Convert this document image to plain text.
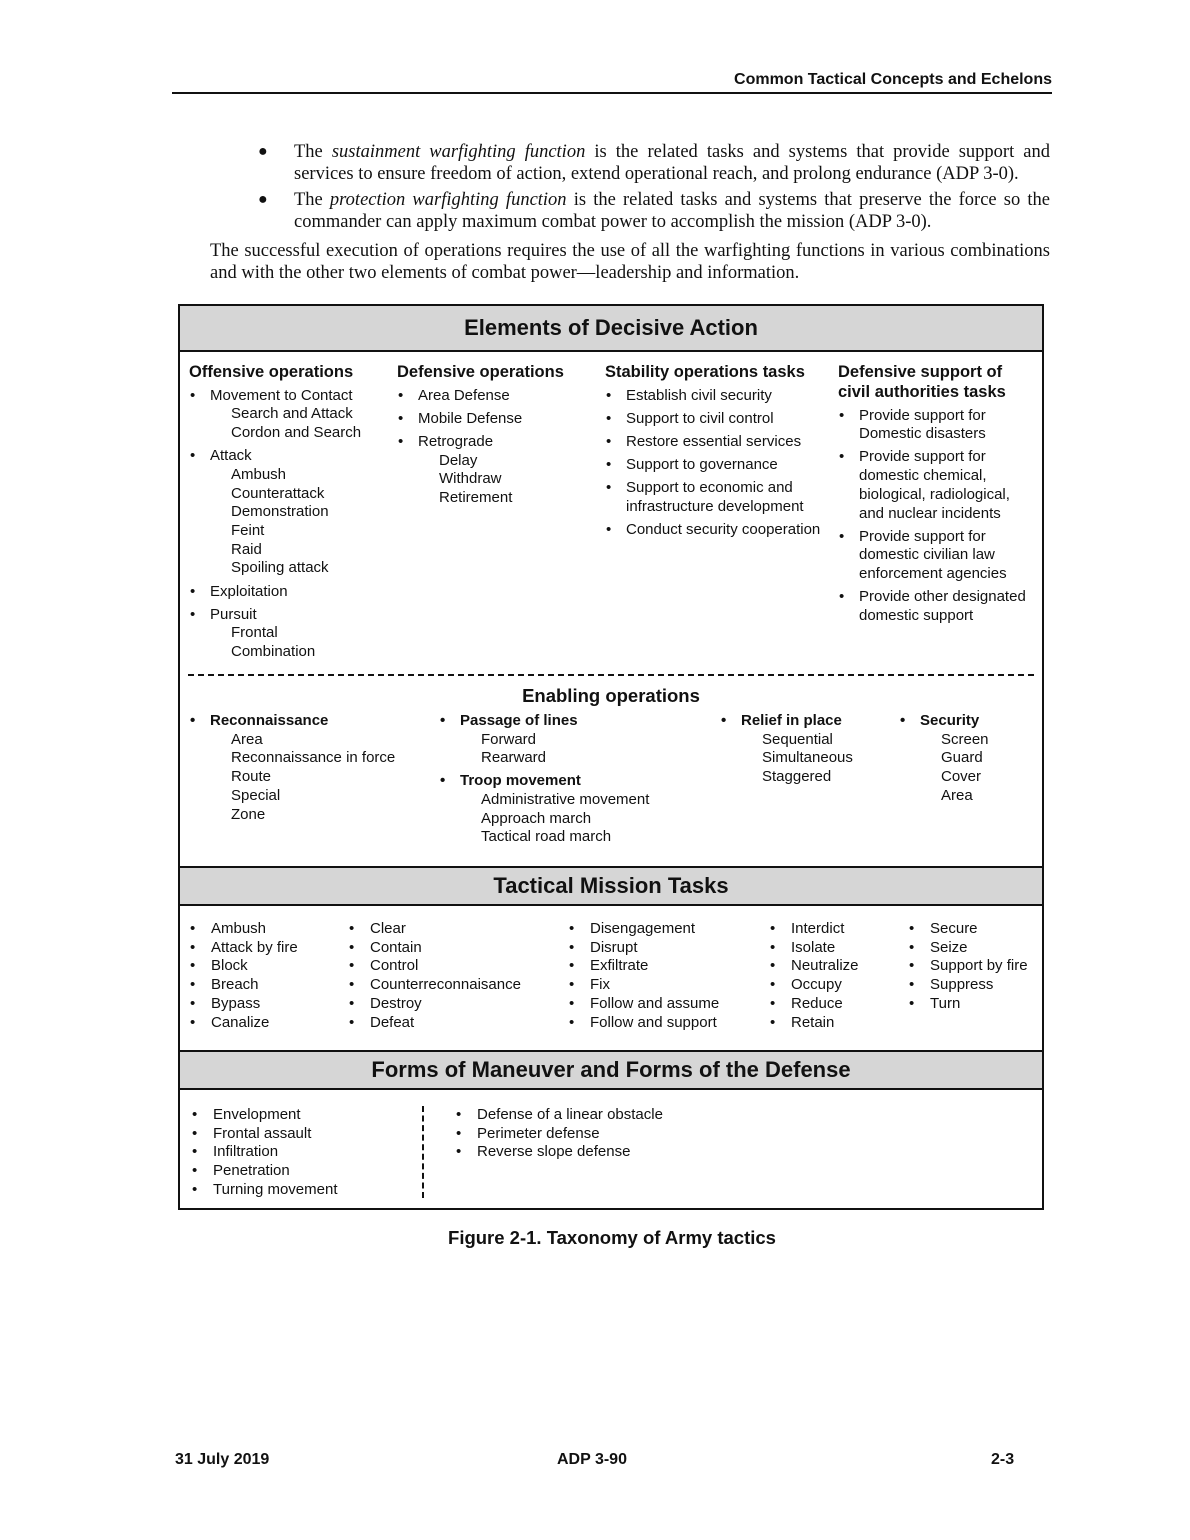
Common Tactical Concepts and Echelons
● The sustainment warfighting function is the related tasks and systems that provide support and services to ensure freedom of action, extend operational reach, and prolong endurance (ADP 3-0).
● The protection warfighting function is the related tasks and systems that preserve the force so the commander can apply maximum combat power to accomplish the mission (ADP 3-0).
The successful execution of operations requires the use of all the warfighting functions in various combinations and with the other two elements of combat power—leadership and information.
Elements of Decisive Action
Offensive operations
• Movement to Contact
Search and Attack
Cordon and Search
• Attack
Ambush
Counterattack
Demonstration
Feint
Raid
Spoiling attack
• Exploitation
• Pursuit
Frontal
Combination
Defensive operations
• Area Defense
• Mobile Defense
• Retrograde
Delay
Withdraw
Retirement
Stability operations tasks
• Establish civil security
• Support to civil control
• Restore essential services
• Support to governance
• Support to economic and infrastructure development
• Conduct security cooperation
Defensive support of civil authorities tasks
• Provide support for Domestic disasters
• Provide support for domestic chemical, biological, radiological, and nuclear incidents
• Provide support for domestic civilian law enforcement agencies
• Provide other designated domestic support
Enabling operations
• Reconnaissance
Area
Reconnaissance in force
Route
Special
Zone
• Passage of lines
Forward
Rearward
• Troop movement
Administrative movement
Approach march
Tactical road march
• Relief in place
Sequential
Simultaneous
Staggered
• Security
Screen
Guard
Cover
Area
Tactical Mission Tasks
• Ambush
• Attack by fire
• Block
• Breach
• Bypass
• Canalize
• Clear
• Contain
• Control
• Counterreconnaisance
• Destroy
• Defeat
• Disengagement
• Disrupt
• Exfiltrate
• Fix
• Follow and assume
• Follow and support
• Interdict
• Isolate
• Neutralize
• Occupy
• Reduce
• Retain
• Secure
• Seize
• Support by fire
• Suppress
• Turn
Forms of Maneuver and Forms of the Defense
• Envelopment
• Frontal assault
• Infiltration
• Penetration
• Turning movement
• Defense of a linear obstacle
• Perimeter defense
• Reverse slope defense
Figure 2-1. Taxonomy of Army tactics
31 July 2019	ADP 3-90	2-3
